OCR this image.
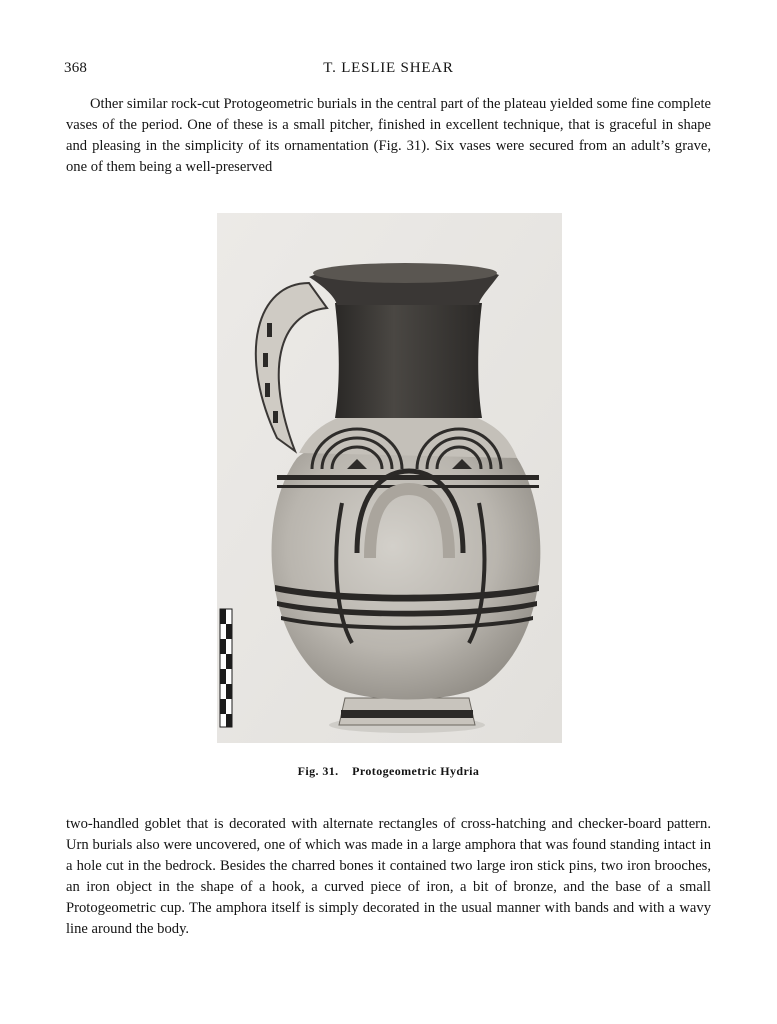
368	T. LESLIE SHEAR

Other similar rock-cut Protogeometric burials in the central part of the plateau yielded some fine complete vases of the period. One of these is a small pitcher, finished in excellent technique, that is graceful in shape and pleasing in the simplicity of its ornamentation (Fig. 31). Six vases were secured from an adult’s grave, one of them being a well-preserved

Fig. 31. Protogeometric Hydria

two-handled goblet that is decorated with alternate rectangles of cross-hatching and checker-board pattern. Urn burials also were uncovered, one of which was made in a large amphora that was found standing intact in a hole cut in the bedrock. Besides the charred bones it contained two large iron stick pins, two iron brooches, an iron object in the shape of a hook, a curved piece of iron, a bit of bronze, and the base of a small Protogeometric cup. The amphora itself is simply decorated in the usual manner with bands and with a wavy line around the body.
